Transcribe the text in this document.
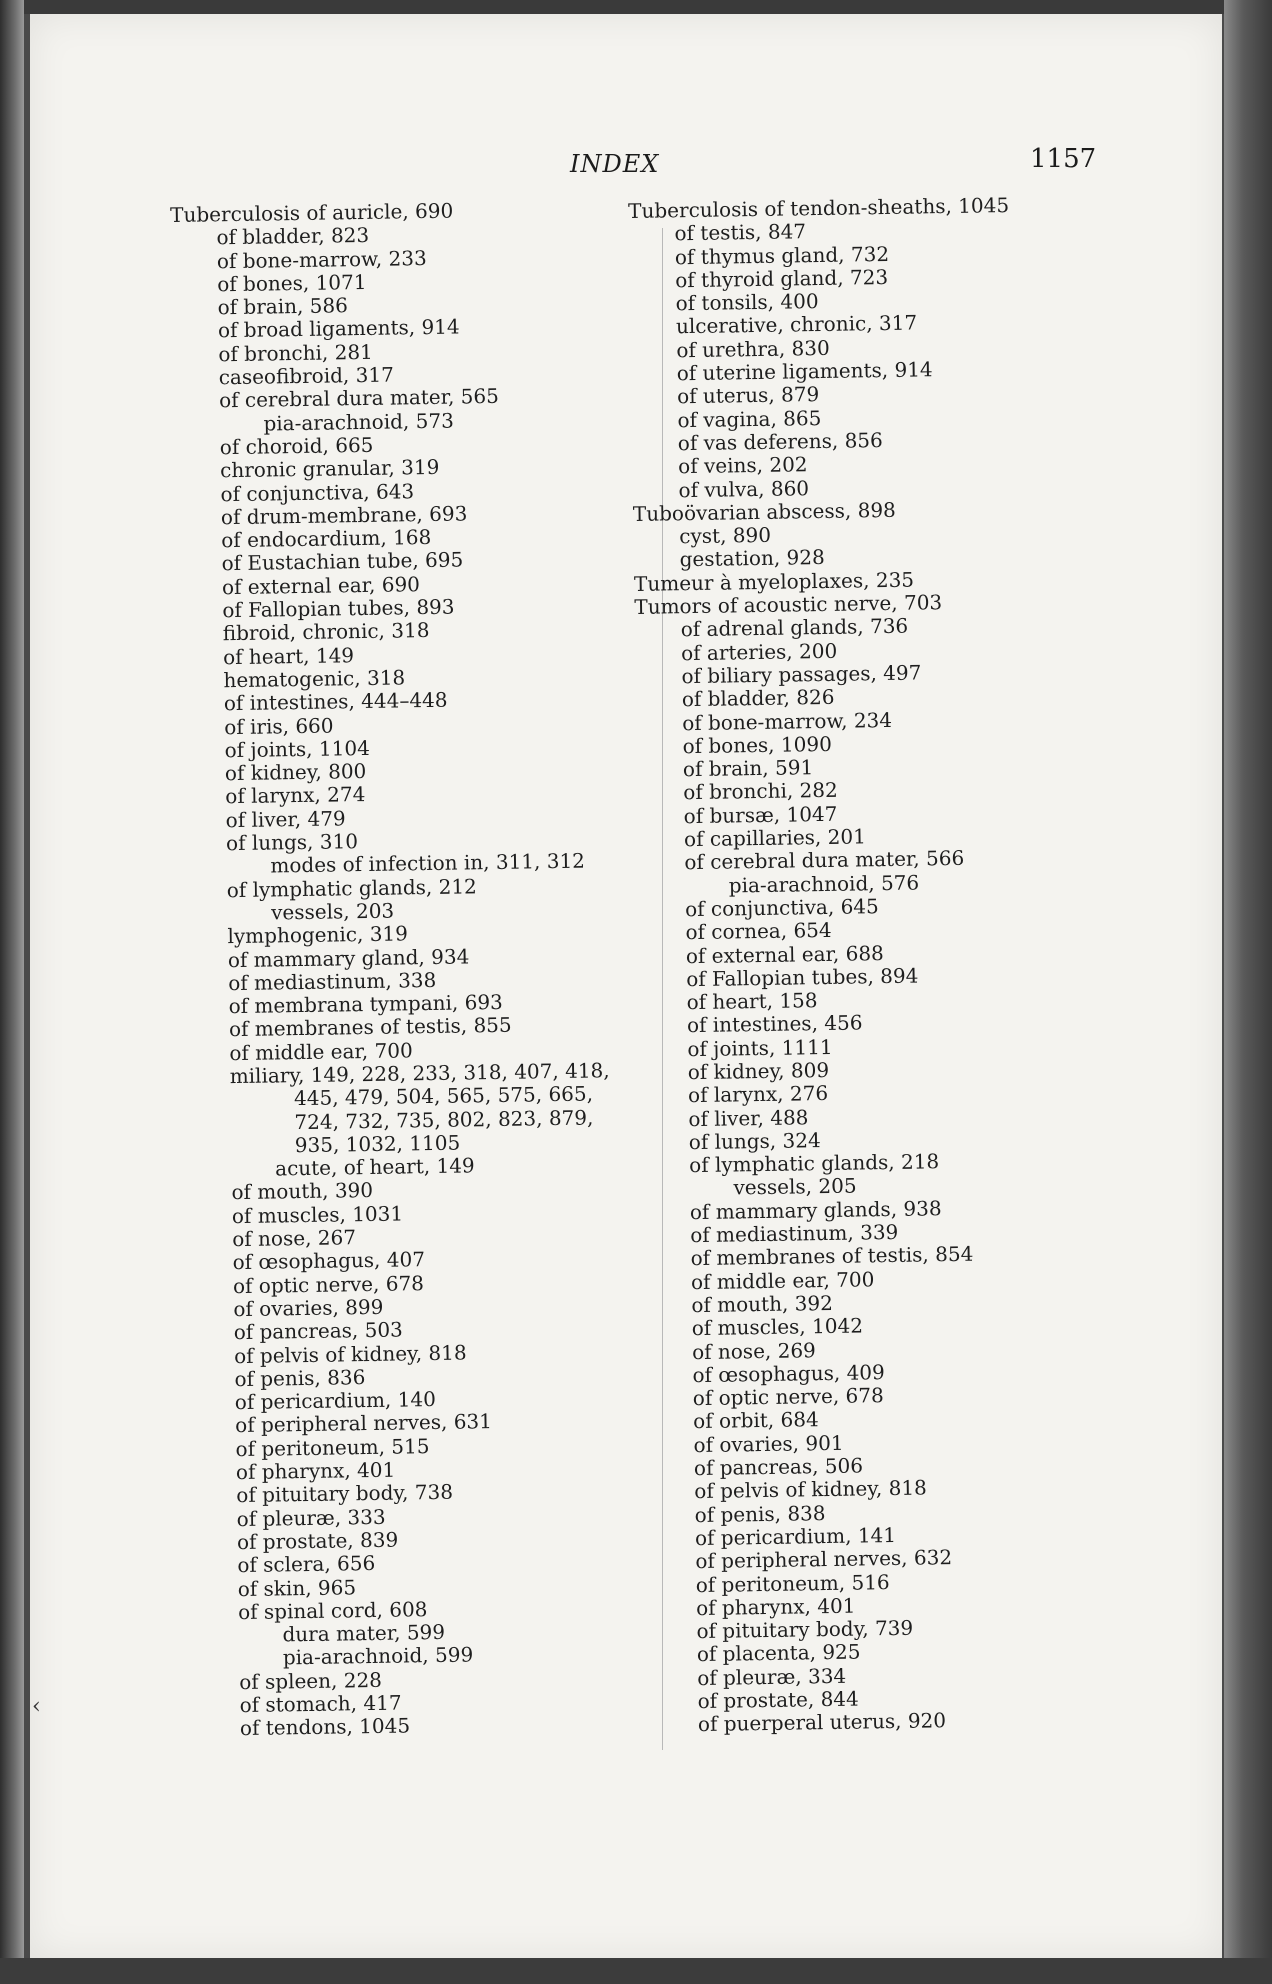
INDEX	1157
Tuberculosis of auricle, 690
of bladder, 823
of bone-marrow, 233
of bones, 1071
of brain, 586
of broad ligaments, 914
of bronchi, 281
caseofibroid, 317
of cerebral dura mater, 565
pia-arachnoid, 573
of choroid, 665
chronic granular, 319
of conjunctiva, 643
of drum-membrane, 693
of endocardium, 168
of Eustachian tube, 695
of external ear, 690
of Fallopian tubes, 893
fibroid, chronic, 318
of heart, 149
hematogenic, 318
of intestines, 444–448
of iris, 660
of joints, 1104
of kidney, 800
of larynx, 274
of liver, 479
of lungs, 310
modes of infection in, 311, 312
of lymphatic glands, 212
vessels, 203
lymphogenic, 319
of mammary gland, 934
of mediastinum, 338
of membrana tympani, 693
of membranes of testis, 855
of middle ear, 700
miliary, 149, 228, 233, 318, 407, 418,
445, 479, 504, 565, 575, 665,
724, 732, 735, 802, 823, 879,
935, 1032, 1105
acute, of heart, 149
of mouth, 390
of muscles, 1031
of nose, 267
of œsophagus, 407
of optic nerve, 678
of ovaries, 899
of pancreas, 503
of pelvis of kidney, 818
of penis, 836
of pericardium, 140
of peripheral nerves, 631
of peritoneum, 515
of pharynx, 401
of pituitary body, 738
of pleuræ, 333
of prostate, 839
of sclera, 656
of skin, 965
of spinal cord, 608
dura mater, 599
pia-arachnoid, 599
of spleen, 228
of stomach, 417
of tendons, 1045
Tuberculosis of tendon-sheaths, 1045
of testis, 847
of thymus gland, 732
of thyroid gland, 723
of tonsils, 400
ulcerative, chronic, 317
of urethra, 830
of uterine ligaments, 914
of uterus, 879
of vagina, 865
of vas deferens, 856
of veins, 202
of vulva, 860
Tuboövarian abscess, 898
cyst, 890
gestation, 928
Tumeur à myeloplaxes, 235
Tumors of acoustic nerve, 703
of adrenal glands, 736
of arteries, 200
of biliary passages, 497
of bladder, 826
of bone-marrow, 234
of bones, 1090
of brain, 591
of bronchi, 282
of bursæ, 1047
of capillaries, 201
of cerebral dura mater, 566
pia-arachnoid, 576
of conjunctiva, 645
of cornea, 654
of external ear, 688
of Fallopian tubes, 894
of heart, 158
of intestines, 456
of joints, 1111
of kidney, 809
of larynx, 276
of liver, 488
of lungs, 324
of lymphatic glands, 218
vessels, 205
of mammary glands, 938
of mediastinum, 339
of membranes of testis, 854
of middle ear, 700
of mouth, 392
of muscles, 1042
of nose, 269
of œsophagus, 409
of optic nerve, 678
of orbit, 684
of ovaries, 901
of pancreas, 506
of pelvis of kidney, 818
of penis, 838
of pericardium, 141
of peripheral nerves, 632
of peritoneum, 516
of pharynx, 401
of pituitary body, 739
of placenta, 925
of pleuræ, 334
of prostate, 844
of puerperal uterus, 920
‹
